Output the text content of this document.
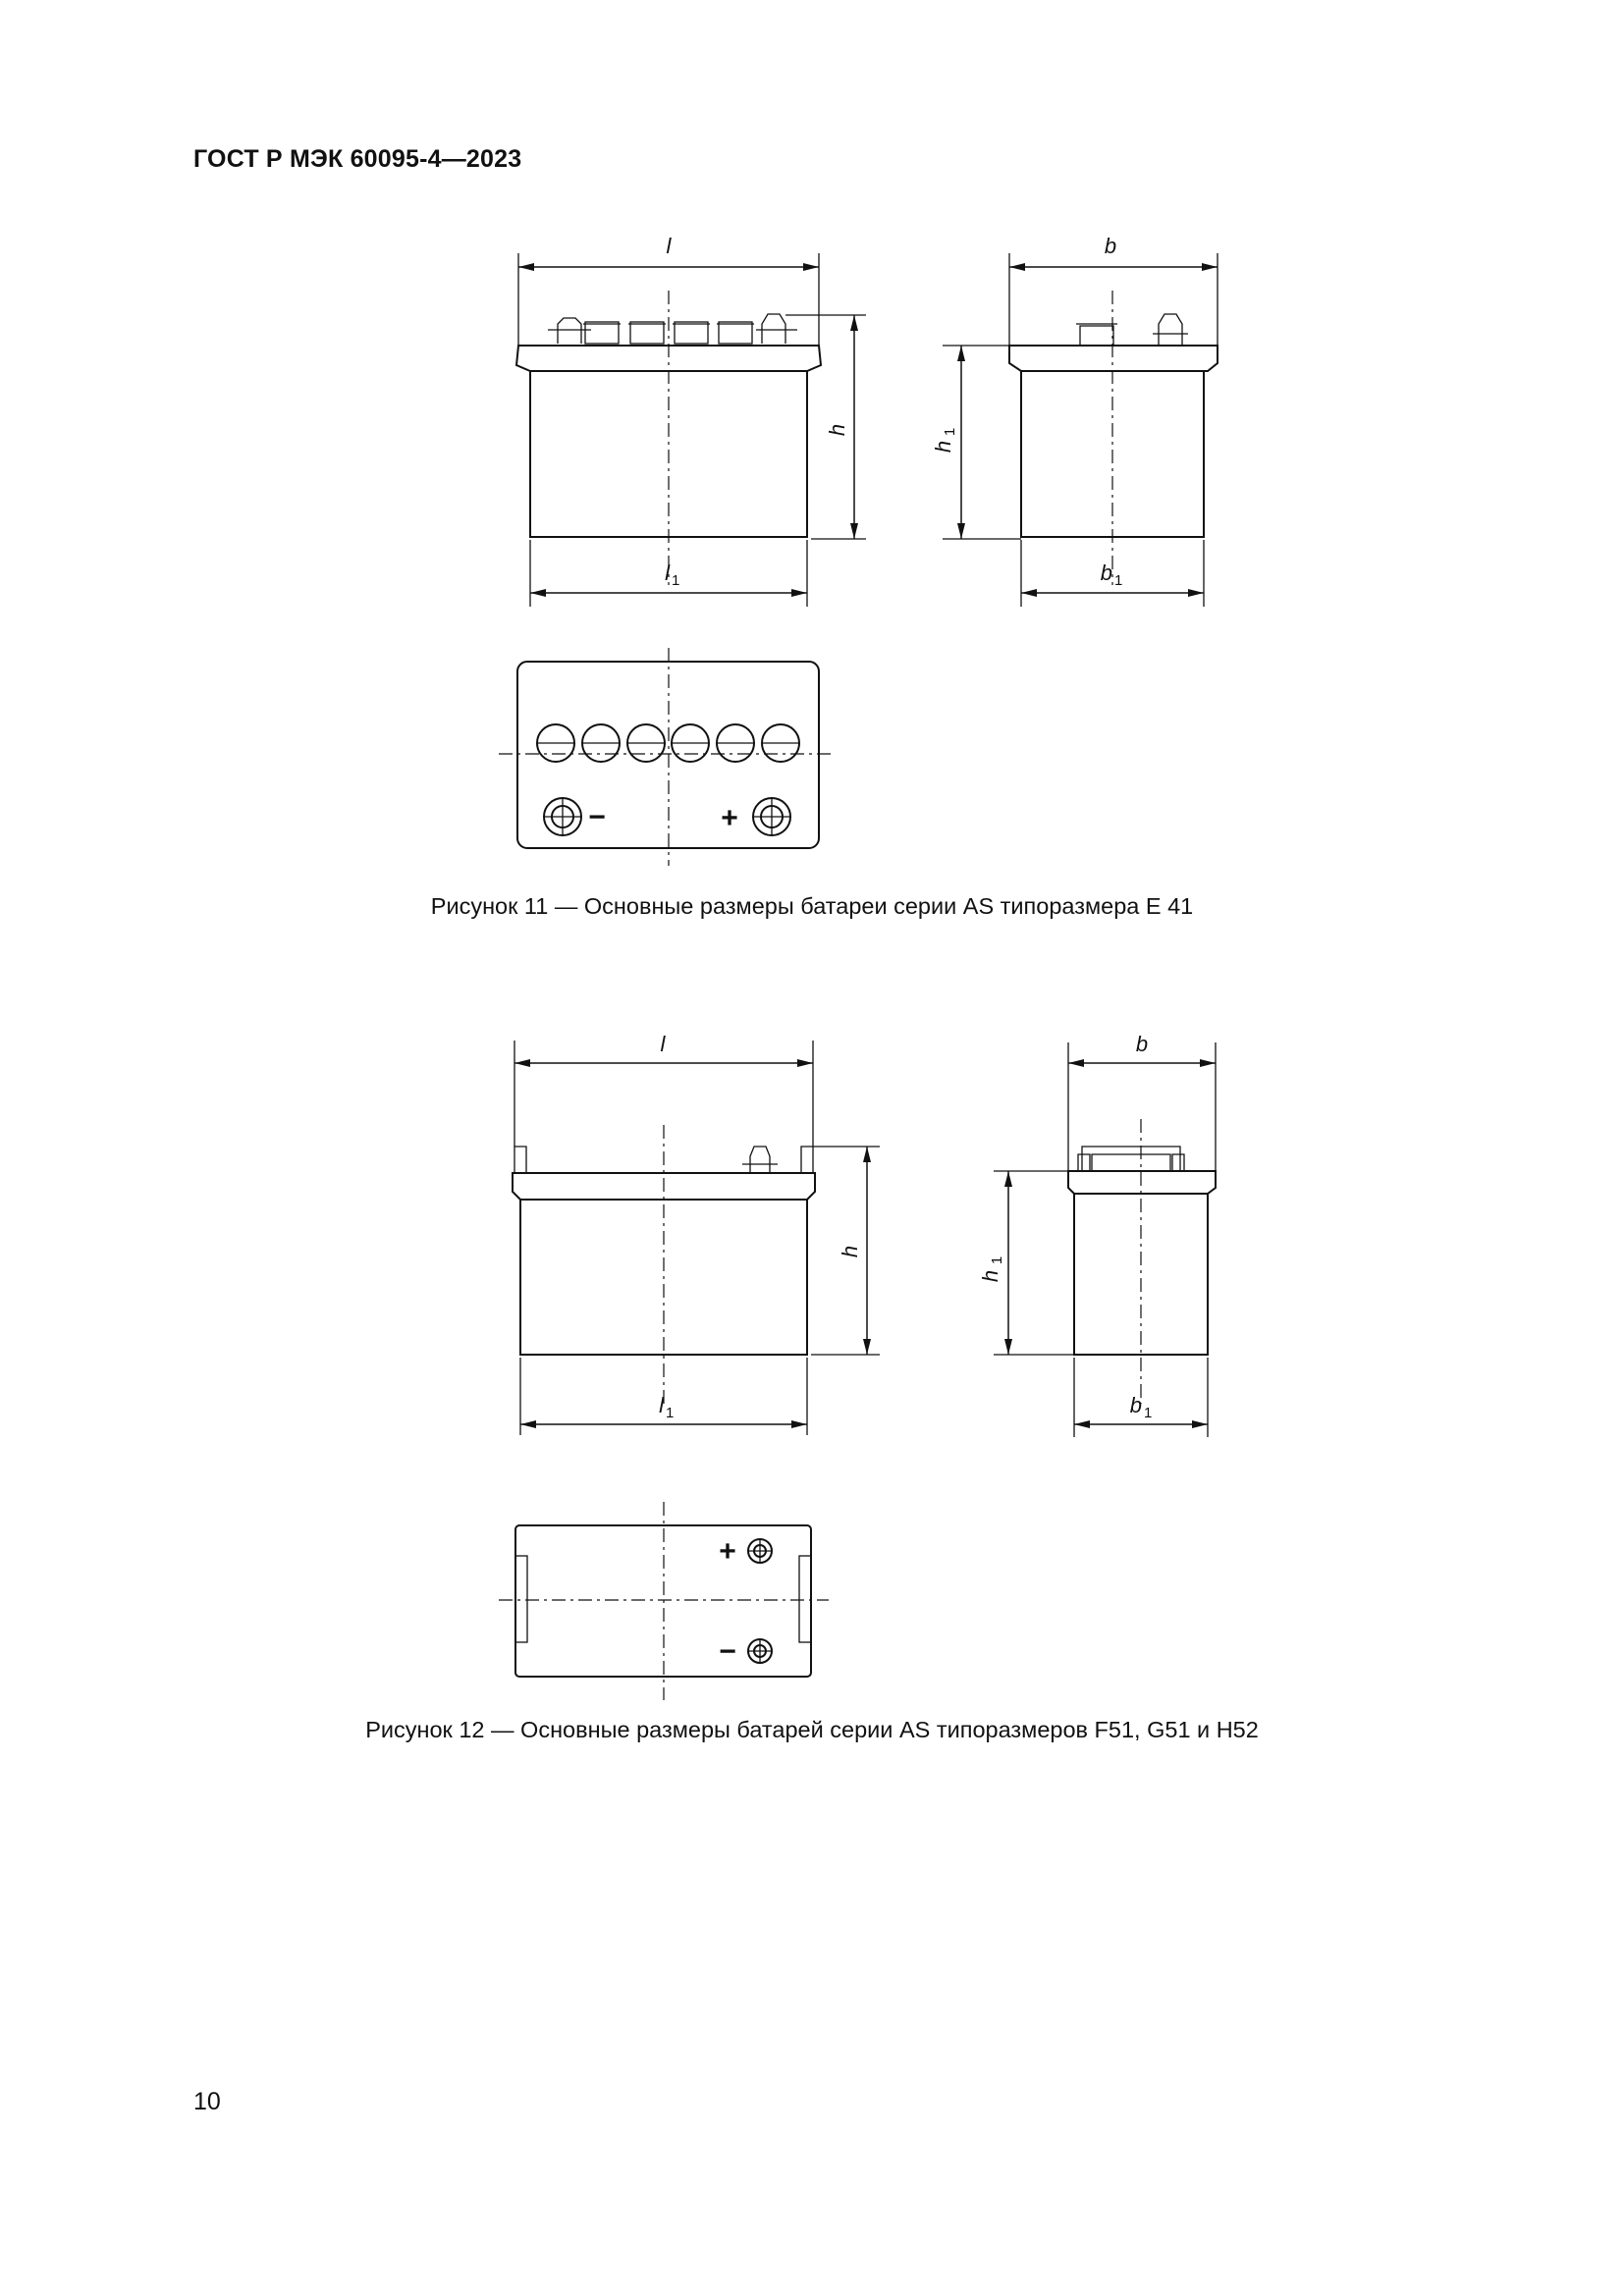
ГОСТ Р МЭК 60095-4—2023
l
l 1
h
b
b 1
h
1
−	+
l
l 1
h
b
b 1
h
1
+
−
Рисунок 11 — Основные размеры батареи серии AS типоразмера E 41
Рисунок 12 — Основные размеры батарей серии AS типоразмеров F51, G51 и H52
10
